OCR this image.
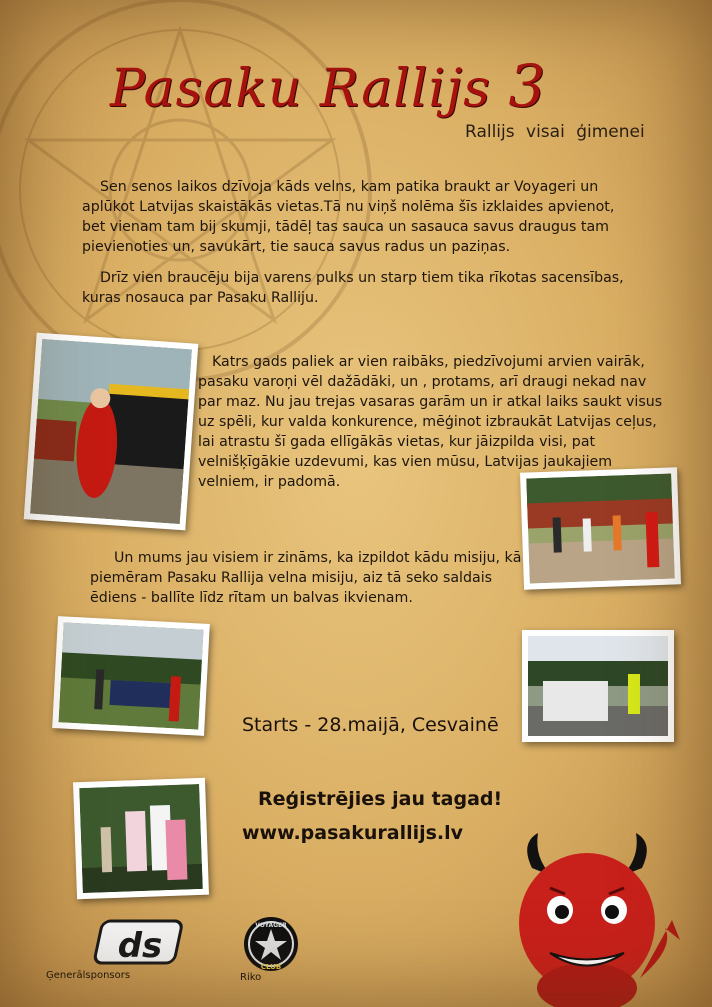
Pasaku Rallijs 3
Rallijs visai ģimenei
Sen senos laikos dzīvoja kāds velns, kam patika braukt ar Voyageri un aplūkot Latvijas skaistākās vietas.Tā nu viņš nolēma šīs izklaides apvienot, bet vienam tam bij skumji, tādēļ tas sauca un sasauca savus draugus tam pievienoties un, savukārt, tie sauca savus radus un paziņas.
Drīz vien braucēju bija varens pulks un starp tiem tika rīkotas sacensības, kuras nosauca par Pasaku Ralliju.
Katrs gads paliek ar vien raibāks, piedzīvojumi arvien vairāk, pasaku varoņi vēl dažādāki, un , protams, arī draugi nekad nav par maz. Nu jau trejas vasaras garām un ir atkal laiks saukt visus uz spēli, kur valda konkurence, mēģinot izbraukāt Latvijas ceļus, lai atrastu šī gada ellīgākās vietas, kur jāizpilda visi, pat velnišķīgākie uzdevumi, kas vien mūsu, Latvijas jaukajiem velniem, ir padomā.
Un mums jau visiem ir zināms, ka izpildot kādu misiju, kā piemēram Pasaku Rallija velna misiju, aiz tā seko saldais ēdiens - ballīte līdz rītam un balvas ikvienam.
Starts - 28.maijā, Cesvainē
Reģistrējies jau tagad!
www.pasakurallijs.lv
ds
Ģenerālsponsors
VOYAGER
CLUB
Riko
